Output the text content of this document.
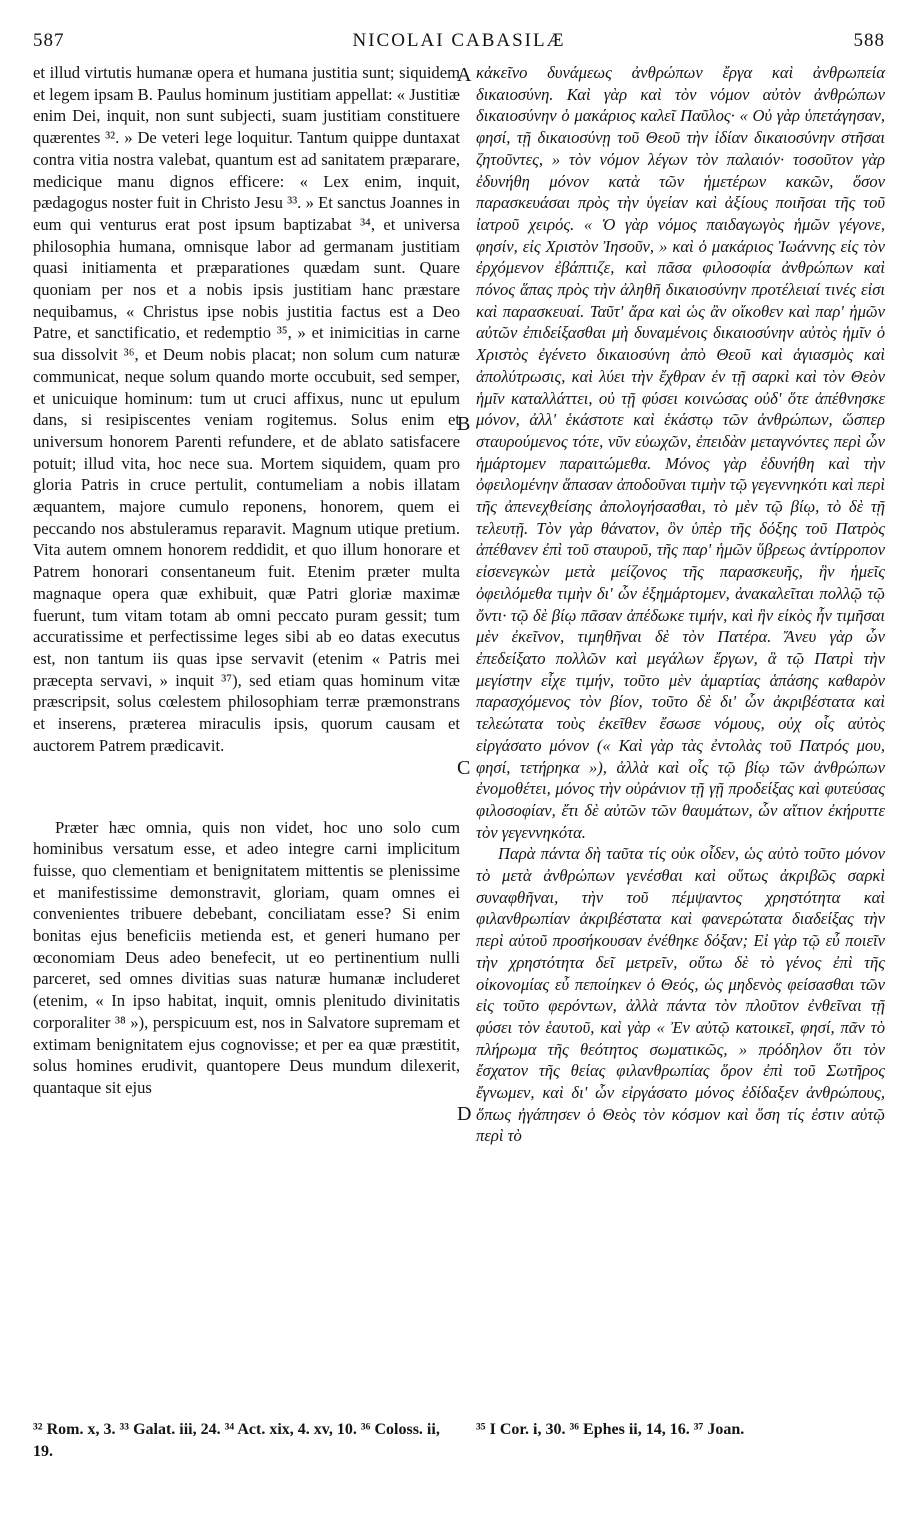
587	NICOLAI CABASILÆ	588

et illud virtutis humanæ opera et humana justitia sunt; siquidem et legem ipsam B. Paulus hominum justitiam appellat: « Justitiæ enim Dei, inquit, non sunt subjecti, suam justitiam constituere quærentes ³². » De veteri lege loquitur. Tantum quippe duntaxat contra vitia nostra valebat, quantum est ad sanitatem præparare, medicique manu dignos efficere: « Lex enim, inquit, pædagogus noster fuit in Christo Jesu ³³. » Et sanctus Joannes in eum qui venturus erat post ipsum baptizabat ³⁴, et universa philosophia humana, omnisque labor ad germanam justitiam quasi initiamenta et præparationes quædam sunt. Quare quoniam per nos et a nobis ipsis justitiam hanc præstare nequibamus, « Christus ipse nobis justitia factus est a Deo Patre, et sanctificatio, et redemptio ³⁵, » et inimicitias in carne sua dissolvit ³⁶, et Deum nobis placat; non solum cum naturæ communicat, neque solum quando morte occubuit, sed semper, et unicuique hominum: tum ut cruci affixus, nunc ut epulum dans, si resipiscentes veniam rogitemus. Solus enim et universum honorem Parenti refundere, et de ablato satisfacere potuit; illud vita, hoc nece sua. Mortem siquidem, quam pro gloria Patris in cruce pertulit, contumeliam a nobis illatam æquantem, majore cumulo reponens, honorem, quem ei peccando nos abstuleramus reparavit. Magnum utique pretium. Vita autem omnem honorem reddidit, et quo illum honorare et Patrem honorari consentaneum fuit. Etenim præter multa magnaque opera quæ exhibuit, quæ Patri gloriæ maximæ fuerunt, tum vitam totam ab omni peccato puram gessit; tum accuratissime et perfectissime leges sibi ab eo datas executus est, non tantum iis quas ipse servavit (etenim « Patris mei præcepta servavi, » inquit ³⁷), sed etiam quas hominum vitæ præscripsit, solus cœlestem philosophiam terræ præmonstrans et inserens, præterea miraculis ipsis, quorum causam et auctorem Patrem prædicavit.

Præter hæc omnia, quis non videt, hoc uno solo cum hominibus versatum esse, et adeo integre carni implicitum fuisse, quo clementiam et benignitatem mittentis se plenissime et manifestissime demonstravit, gloriam, quam omnes ei convenientes tribuere debebant, conciliatam esse? Si enim bonitas ejus beneficiis metienda est, et generi humano per œconomiam Deus adeo benefecit, ut eo pertinentium nulli parceret, sed omnes divitias suas naturæ humanæ includeret (etenim, « In ipso habitat, inquit, omnis plenitudo divinitatis corporaliter ³⁸ »), perspicuum est, nos in Salvatore supremam et extimam benignitatem ejus cognovisse; et per ea quæ præstitit, solus homines erudivit, quantopere Deus mundum dilexerit, quantaque sit ejus

κἀκεῖνο δυνάμεως ἀνθρώπων ἔργα καὶ ἀνθρωπεία δικαιοσύνη. Καὶ γὰρ καὶ τὸν νόμον αὐτὸν ἀνθρώπων δικαιοσύνην ὁ μακάριος καλεῖ Παῦλος· « Οὐ γὰρ ὑπετάγησαν, φησί, τῇ δικαιοσύνῃ τοῦ Θεοῦ τὴν ἰδίαν δικαιοσύνην στῆσαι ζητοῦντες, » τὸν νόμον λέγων τὸν παλαιόν· τοσοῦτον γὰρ ἐδυνήθη μόνον κατὰ τῶν ἡμετέρων κακῶν, ὅσον παρασκευάσαι πρὸς τὴν ὑγείαν καὶ ἀξίους ποιῆσαι τῆς τοῦ ἰατροῦ χειρός. « Ὁ γὰρ νόμος παιδαγωγὸς ἡμῶν γέγονε, φησίν, εἰς Χριστὸν Ἰησοῦν, » καὶ ὁ μακάριος Ἰωάννης εἰς τὸν ἐρχόμενον ἐβάπτιζε, καὶ πᾶσα φιλοσοφία ἀνθρώπων καὶ πόνος ἅπας πρὸς τὴν ἀληθῆ δικαιοσύνην προτέλειαί τινές εἰσι καὶ παρασκευαί. Ταῦτ' ἄρα καὶ ὡς ἂν οἴκοθεν καὶ παρ' ἡμῶν αὐτῶν ἐπιδείξασθαι μὴ δυναμένοις δικαιοσύνην αὐτὸς ἡμῖν ὁ Χριστὸς ἐγένετο δικαιοσύνη ἀπὸ Θεοῦ καὶ ἁγιασμὸς καὶ ἀπολύτρωσις, καὶ λύει τὴν ἔχθραν ἐν τῇ σαρκὶ καὶ τὸν Θεὸν ἡμῖν καταλλάττει, οὐ τῇ φύσει κοινώσας οὐδ' ὅτε ἀπέθνησκε μόνον, ἀλλ' ἑκάστοτε καὶ ἑκάστῳ τῶν ἀνθρώπων, ὥσπερ σταυρούμενος τότε, νῦν εὐωχῶν, ἐπειδὰν μεταγνόντες περὶ ὧν ἡμάρτομεν παραιτώμεθα. Μόνος γὰρ ἐδυνήθη καὶ τὴν ὀφειλομένην ἅπασαν ἀποδοῦναι τιμὴν τῷ γεγεννηκότι καὶ περὶ τῆς ἀπενεχθείσης ἀπολογήσασθαι, τὸ μὲν τῷ βίῳ, τὸ δὲ τῇ τελευτῇ. Τὸν γὰρ θάνατον, ὃν ὑπὲρ τῆς δόξης τοῦ Πατρὸς ἀπέθανεν ἐπὶ τοῦ σταυροῦ, τῆς παρ' ἡμῶν ὕβρεως ἀντίρροπον εἰσενεγκὼν μετὰ μείζονος τῆς παρασκευῆς, ἣν ἡμεῖς ὀφειλόμεθα τιμὴν δι' ὧν ἐξημάρτομεν, ἀνακαλεῖται πολλῷ τῷ ὄντι· τῷ δὲ βίῳ πᾶσαν ἀπέδωκε τιμήν, καὶ ἣν εἰκὸς ἦν τιμῆσαι μὲν ἐκεῖνον, τιμηθῆναι δὲ τὸν Πατέρα. Ἄνευ γὰρ ὧν ἐπεδείξατο πολλῶν καὶ μεγάλων ἔργων, ἃ τῷ Πατρὶ τὴν μεγίστην εἶχε τιμήν, τοῦτο μὲν ἁμαρτίας ἁπάσης καθαρὸν παρασχόμενος τὸν βίον, τοῦτο δὲ δι' ὧν ἀκριβέστατα καὶ τελεώτατα τοὺς ἐκεῖθεν ἔσωσε νόμους, οὐχ οἷς αὐτὸς εἰργάσατο μόνον (« Καὶ γὰρ τὰς ἐντολὰς τοῦ Πατρός μου, φησί, τετήρηκα »), ἀλλὰ καὶ οἷς τῷ βίῳ τῶν ἀνθρώπων ἐνομοθέτει, μόνος τὴν οὐράνιον τῇ γῇ προδείξας καὶ φυτεύσας φιλοσοφίαν, ἔτι δὲ αὐτῶν τῶν θαυμάτων, ὧν αἴτιον ἐκήρυττε τὸν γεγεννηκότα.

Παρὰ πάντα δὴ ταῦτα τίς οὐκ οἶδεν, ὡς αὐτὸ τοῦτο μόνον τὸ μετὰ ἀνθρώπων γενέσθαι καὶ οὕτως ἀκριβῶς σαρκὶ συναφθῆναι, τὴν τοῦ πέμψαντος χρηστότητα καὶ φιλανθρωπίαν ἀκριβέστατα καὶ φανερώτατα διαδείξας τὴν περὶ αὐτοῦ προσήκουσαν ἐνέθηκε δόξαν; Εἰ γὰρ τῷ εὖ ποιεῖν τὴν χρηστότητα δεῖ μετρεῖν, οὕτω δὲ τὸ γένος ἐπὶ τῆς οἰκονομίας εὖ πεποίηκεν ὁ Θεός, ὡς μηδενὸς φείσασθαι τῶν εἰς τοῦτο φερόντων, ἀλλὰ πάντα τὸν πλοῦτον ἐνθεῖναι τῇ φύσει τὸν ἑαυτοῦ, καὶ γὰρ « Ἐν αὐτῷ κατοικεῖ, φησί, πᾶν τὸ πλήρωμα τῆς θεότητος σωματικῶς, » πρόδηλον ὅτι τὸν ἔσχατον τῆς θείας φιλανθρωπίας ὅρον ἐπὶ τοῦ Σωτῆρος ἔγνωμεν, καὶ δι' ὧν εἰργάσατο μόνος ἐδίδαξεν ἀνθρώπους, ὅπως ἠγάπησεν ὁ Θεὸς τὸν κόσμον καὶ ὅση τίς ἐστιν αὐτῷ περὶ τὸ

A
B
C
D
³² Rom. x, 3. ³³ Galat. iii, 24. ³⁴ Act. xix, 4. xv, 10. ³⁶ Coloss. ii, 19.
³⁵ I Cor. i, 30. ³⁶ Ephes ii, 14, 16. ³⁷ Joan.
